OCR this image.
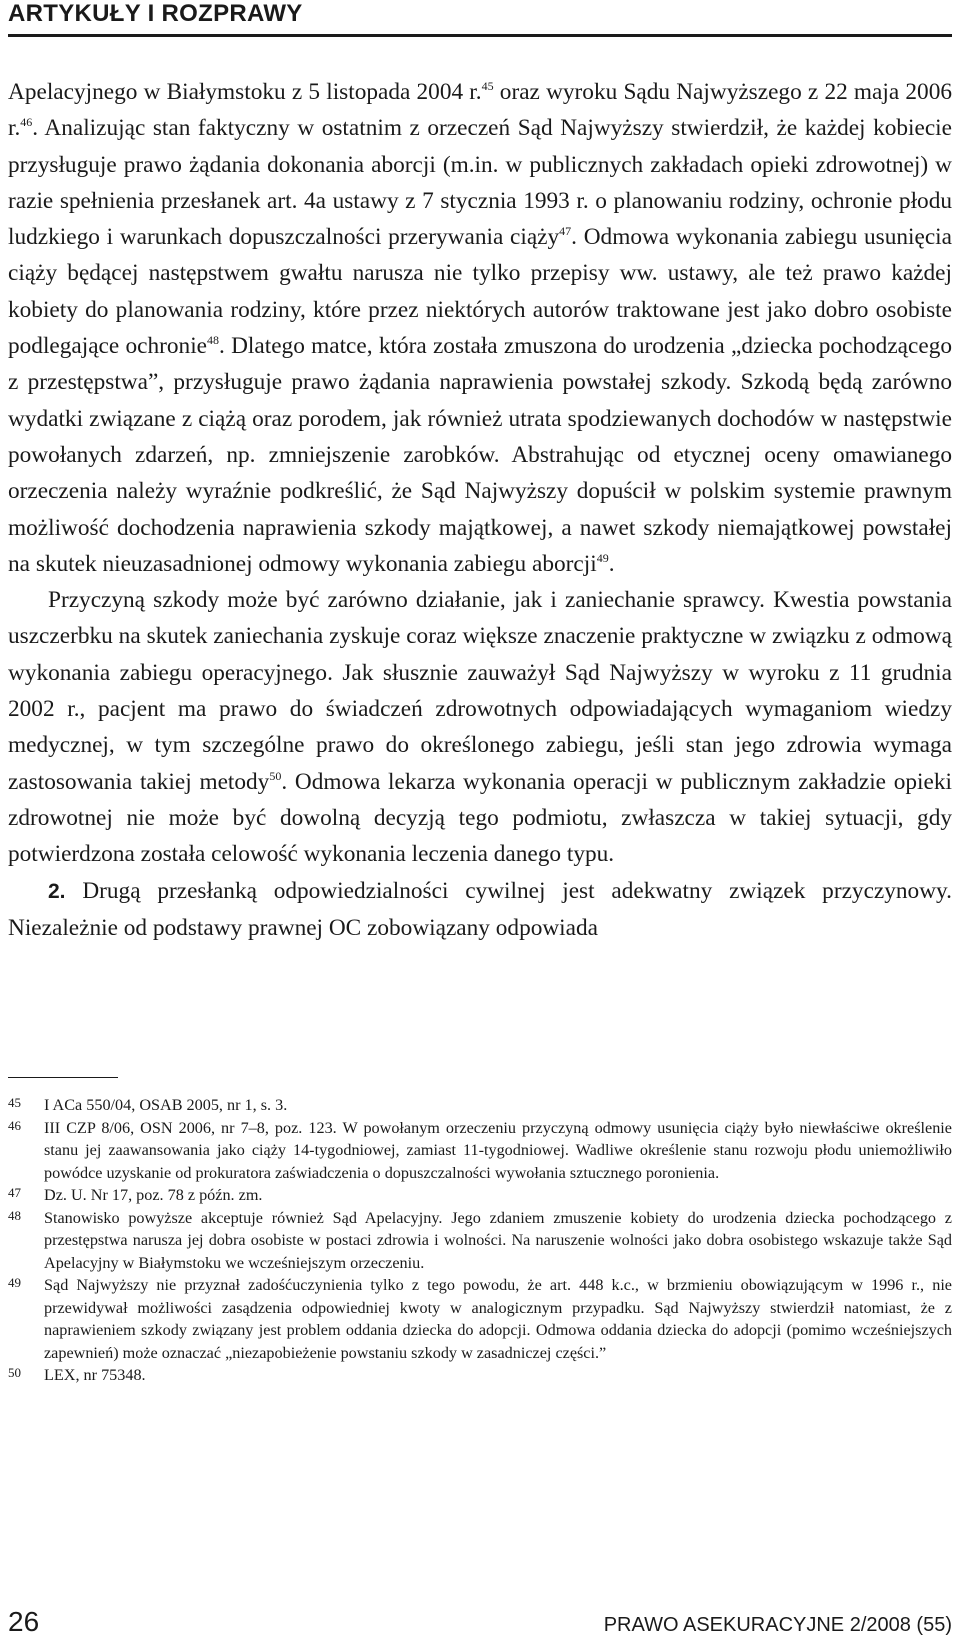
ARTYKUŁY I ROZPRAWY

Apelacyjnego w Białymstoku z 5 listopada 2004 r.$^{45}$ oraz wyroku Sądu Najwyższego z 22 maja 2006 r.$^{46}$. Analizując stan faktyczny w ostatnim z orzeczeń Sąd Najwyższy stwierdził, że każdej kobiecie przysługuje prawo żądania dokonania aborcji (m.in. w publicznych zakładach opieki zdrowotnej) w razie spełnienia przesłanek art. 4a ustawy z 7 stycznia 1993 r. o planowaniu rodziny, ochronie płodu ludzkiego i warunkach dopuszczalności przerywania ciąży$^{47}$. Odmowa wykonania zabiegu usunięcia ciąży będącej następstwem gwałtu narusza nie tylko przepisy ww. ustawy, ale też prawo każdej kobiety do planowania rodziny, które przez niektórych autorów traktowane jest jako dobro osobiste podlegające ochronie$^{48}$. Dlatego matce, która została zmuszona do urodzenia „dziecka pochodzącego z przestępstwa”, przysługuje prawo żądania naprawienia powstałej szkody. Szkodą będą zarówno wydatki związane z ciążą oraz porodem, jak również utrata spodziewanych dochodów w następstwie powołanych zdarzeń, np. zmniejszenie zarobków. Abstrahując od etycznej oceny omawianego orzeczenia należy wyraźnie podkreślić, że Sąd Najwyższy dopuścił w polskim systemie prawnym możliwość dochodzenia naprawienia szkody majątkowej, a nawet szkody niemajątkowej powstałej na skutek nieuzasadnionej odmowy wykonania zabiegu aborcji$^{49}$.

Przyczyną szkody może być zarówno działanie, jak i zaniechanie sprawcy. Kwestia powstania uszczerbku na skutek zaniechania zyskuje coraz większe znaczenie praktyczne w związku z odmową wykonania zabiegu operacyjnego. Jak słusznie zauważył Sąd Najwyższy w wyroku z 11 grudnia 2002 r., pacjent ma prawo do świadczeń zdrowotnych odpowiadających wymaganiom wiedzy medycznej, w tym szczególne prawo do określonego zabiegu, jeśli stan jego zdrowia wymaga zastosowania takiej metody$^{50}$. Odmowa lekarza wykonania operacji w publicznym zakładzie opieki zdrowotnej nie może być dowolną decyzją tego podmiotu, zwłaszcza w takiej sytuacji, gdy potwierdzona została celowość wykonania leczenia danego typu.

2. Drugą przesłanką odpowiedzialności cywilnej jest adekwatny związek przyczynowy. Niezależnie od podstawy prawnej OC zobowiązany odpowiada

45	I ACa 550/04, OSAB 2005, nr 1, s. 3.
46	III CZP 8/06, OSN 2006, nr 7–8, poz. 123. W powołanym orzeczeniu przyczyną odmowy usunięcia ciąży było niewłaściwe określenie stanu jej zaawansowania jako ciąży 14-tygodniowej, zamiast 11-tygodniowej. Wadliwe określenie stanu rozwoju płodu uniemożliwiło powódce uzyskanie od prokuratora zaświadczenia o dopuszczalności wywołania sztucznego poronienia.
47	Dz. U. Nr 17, poz. 78 z późn. zm.
48	Stanowisko powyższe akceptuje również Sąd Apelacyjny. Jego zdaniem zmuszenie kobiety do urodzenia dziecka pochodzącego z przestępstwa narusza jej dobra osobiste w postaci zdrowia i wolności. Na naruszenie wolności jako dobra osobistego wskazuje także Sąd Apelacyjny w Białymstoku we wcześniejszym orzeczeniu.
49	Sąd Najwyższy nie przyznał zadośćuczynienia tylko z tego powodu, że art. 448 k.c., w brzmieniu obowiązującym w 1996 r., nie przewidywał możliwości zasądzenia odpowiedniej kwoty w analogicznym przypadku. Sąd Najwyższy stwierdził natomiast, że z naprawieniem szkody związany jest problem oddania dziecka do adopcji. Odmowa oddania dziecka do adopcji (pomimo wcześniejszych zapewnień) może oznaczać „niezapobieżenie powstaniu szkody w zasadniczej części.”
50	LEX, nr 75348.
26	PRAWO ASEKURACYJNE 2/2008 (55)
